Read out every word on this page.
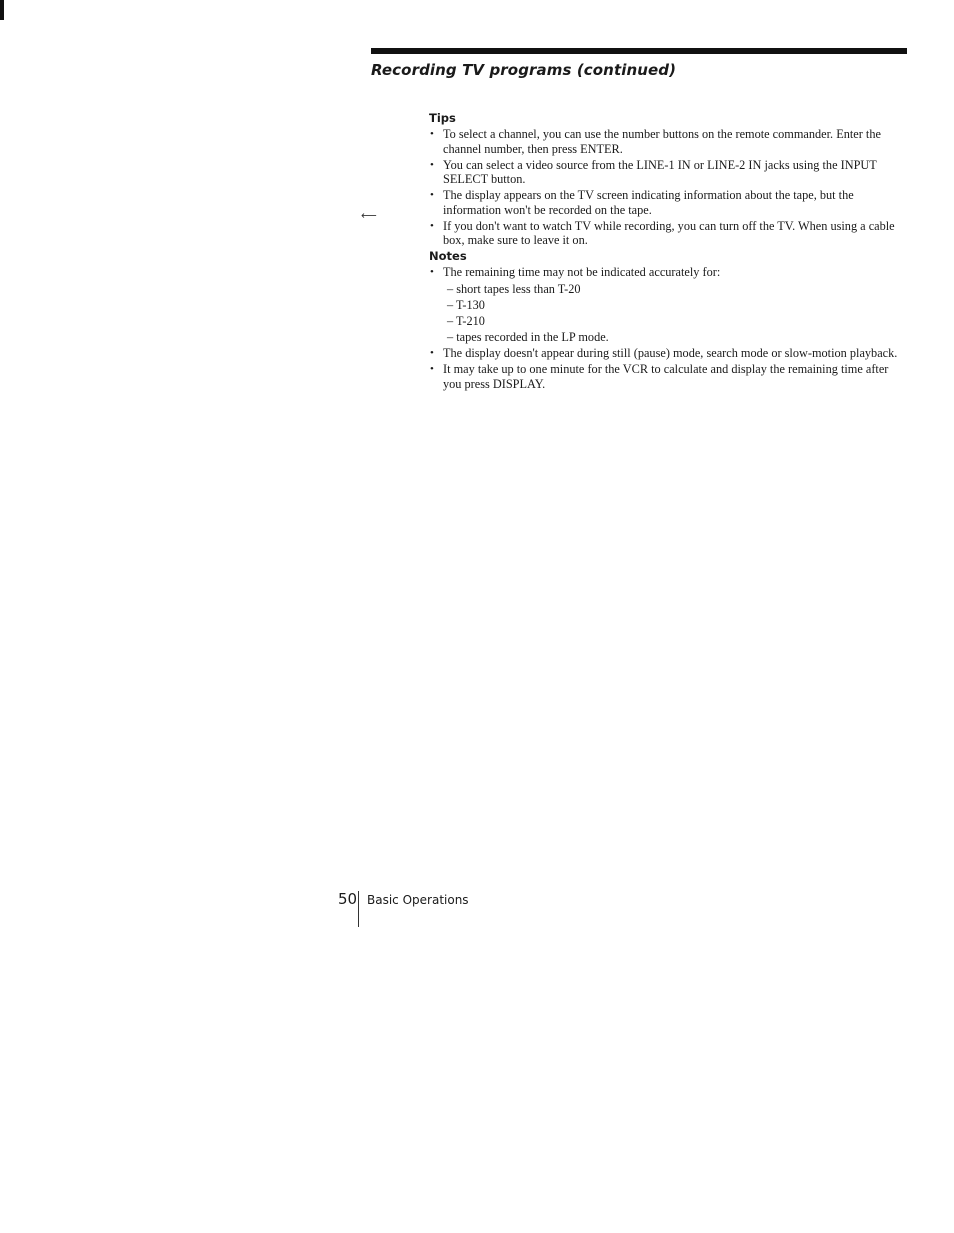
Recording TV programs (continued)
⟵
Tips
• To select a channel, you can use the number buttons on the remote commander. Enter the channel number, then press ENTER.
• You can select a video source from the LINE-1 IN or LINE-2 IN jacks using the INPUT SELECT button.
• The display appears on the TV screen indicating information about the tape, but the information won't be recorded on the tape.
• If you don't want to watch TV while recording, you can turn off the TV. When using a cable box, make sure to leave it on.
Notes
• The remaining time may not be indicated accurately for:
– short tapes less than T-20
– T-130
– T-210
– tapes recorded in the LP mode.
• The display doesn't appear during still (pause) mode, search mode or slow-motion playback.
• It may take up to one minute for the VCR to calculate and display the remaining time after you press DISPLAY.
50 Basic Operations
